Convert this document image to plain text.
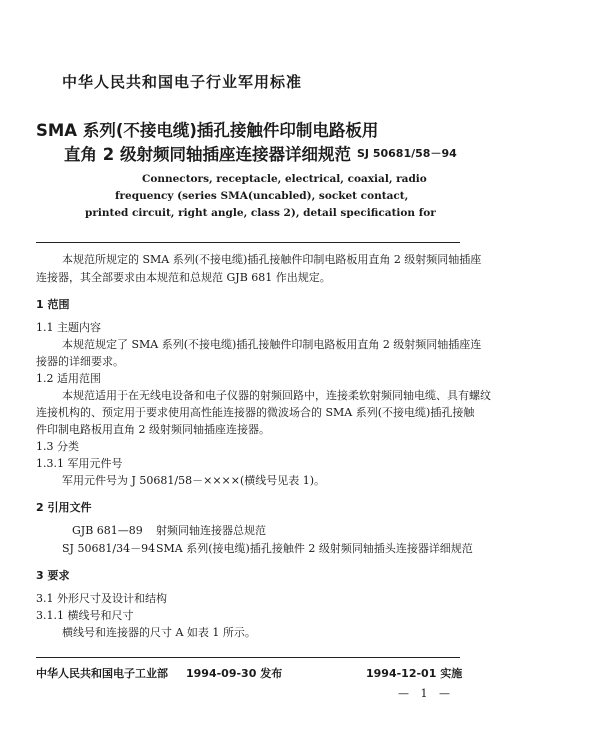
中华人民共和国电子行业军用标准
SMA 系列(不接电缆)插孔接触件印制电路板用
直角 2 级射频同轴插座连接器详细规范 SJ 50681/58－94
Connectors, receptacle, electrical, coaxial, radio
frequency (series SMA(uncabled), socket contact,
printed circuit, right angle, class 2), detail specification for
本规范所规定的 SMA 系列(不接电缆)插孔接触件印制电路板用直角 2 级射频同轴插座
连接器，其全部要求由本规范和总规范 GJB 681 作出规定。
1 范围
1.1 主题内容
本规范规定了 SMA 系列(不接电缆)插孔接触件印制电路板用直角 2 级射频同轴插座连
接器的详细要求。
1.2 适用范围
本规范适用于在无线电设备和电子仪器的射频回路中，连接柔软射频同轴电缆、具有螺纹
连接机构的、预定用于要求使用高性能连接器的微波场合的 SMA 系列(不接电缆)插孔接触
件印制电路板用直角 2 级射频同轴插座连接器。
1.3 分类
1.3.1 军用元件号
军用元件号为 J 50681/58－××××(横线号见表 1)。
2 引用文件
GJB 681—89 射频同轴连接器总规范
SJ 50681/34－94 SMA 系列(接电缆)插孔接触件 2 级射频同轴插头连接器详细规范
3 要求
3.1 外形尺寸及设计和结构
3.1.1 横线号和尺寸
横线号和连接器的尺寸 A 如表 1 所示。
中华人民共和国电子工业部 1994-09-30 发布	1994-12-01 实施
— 1 —
